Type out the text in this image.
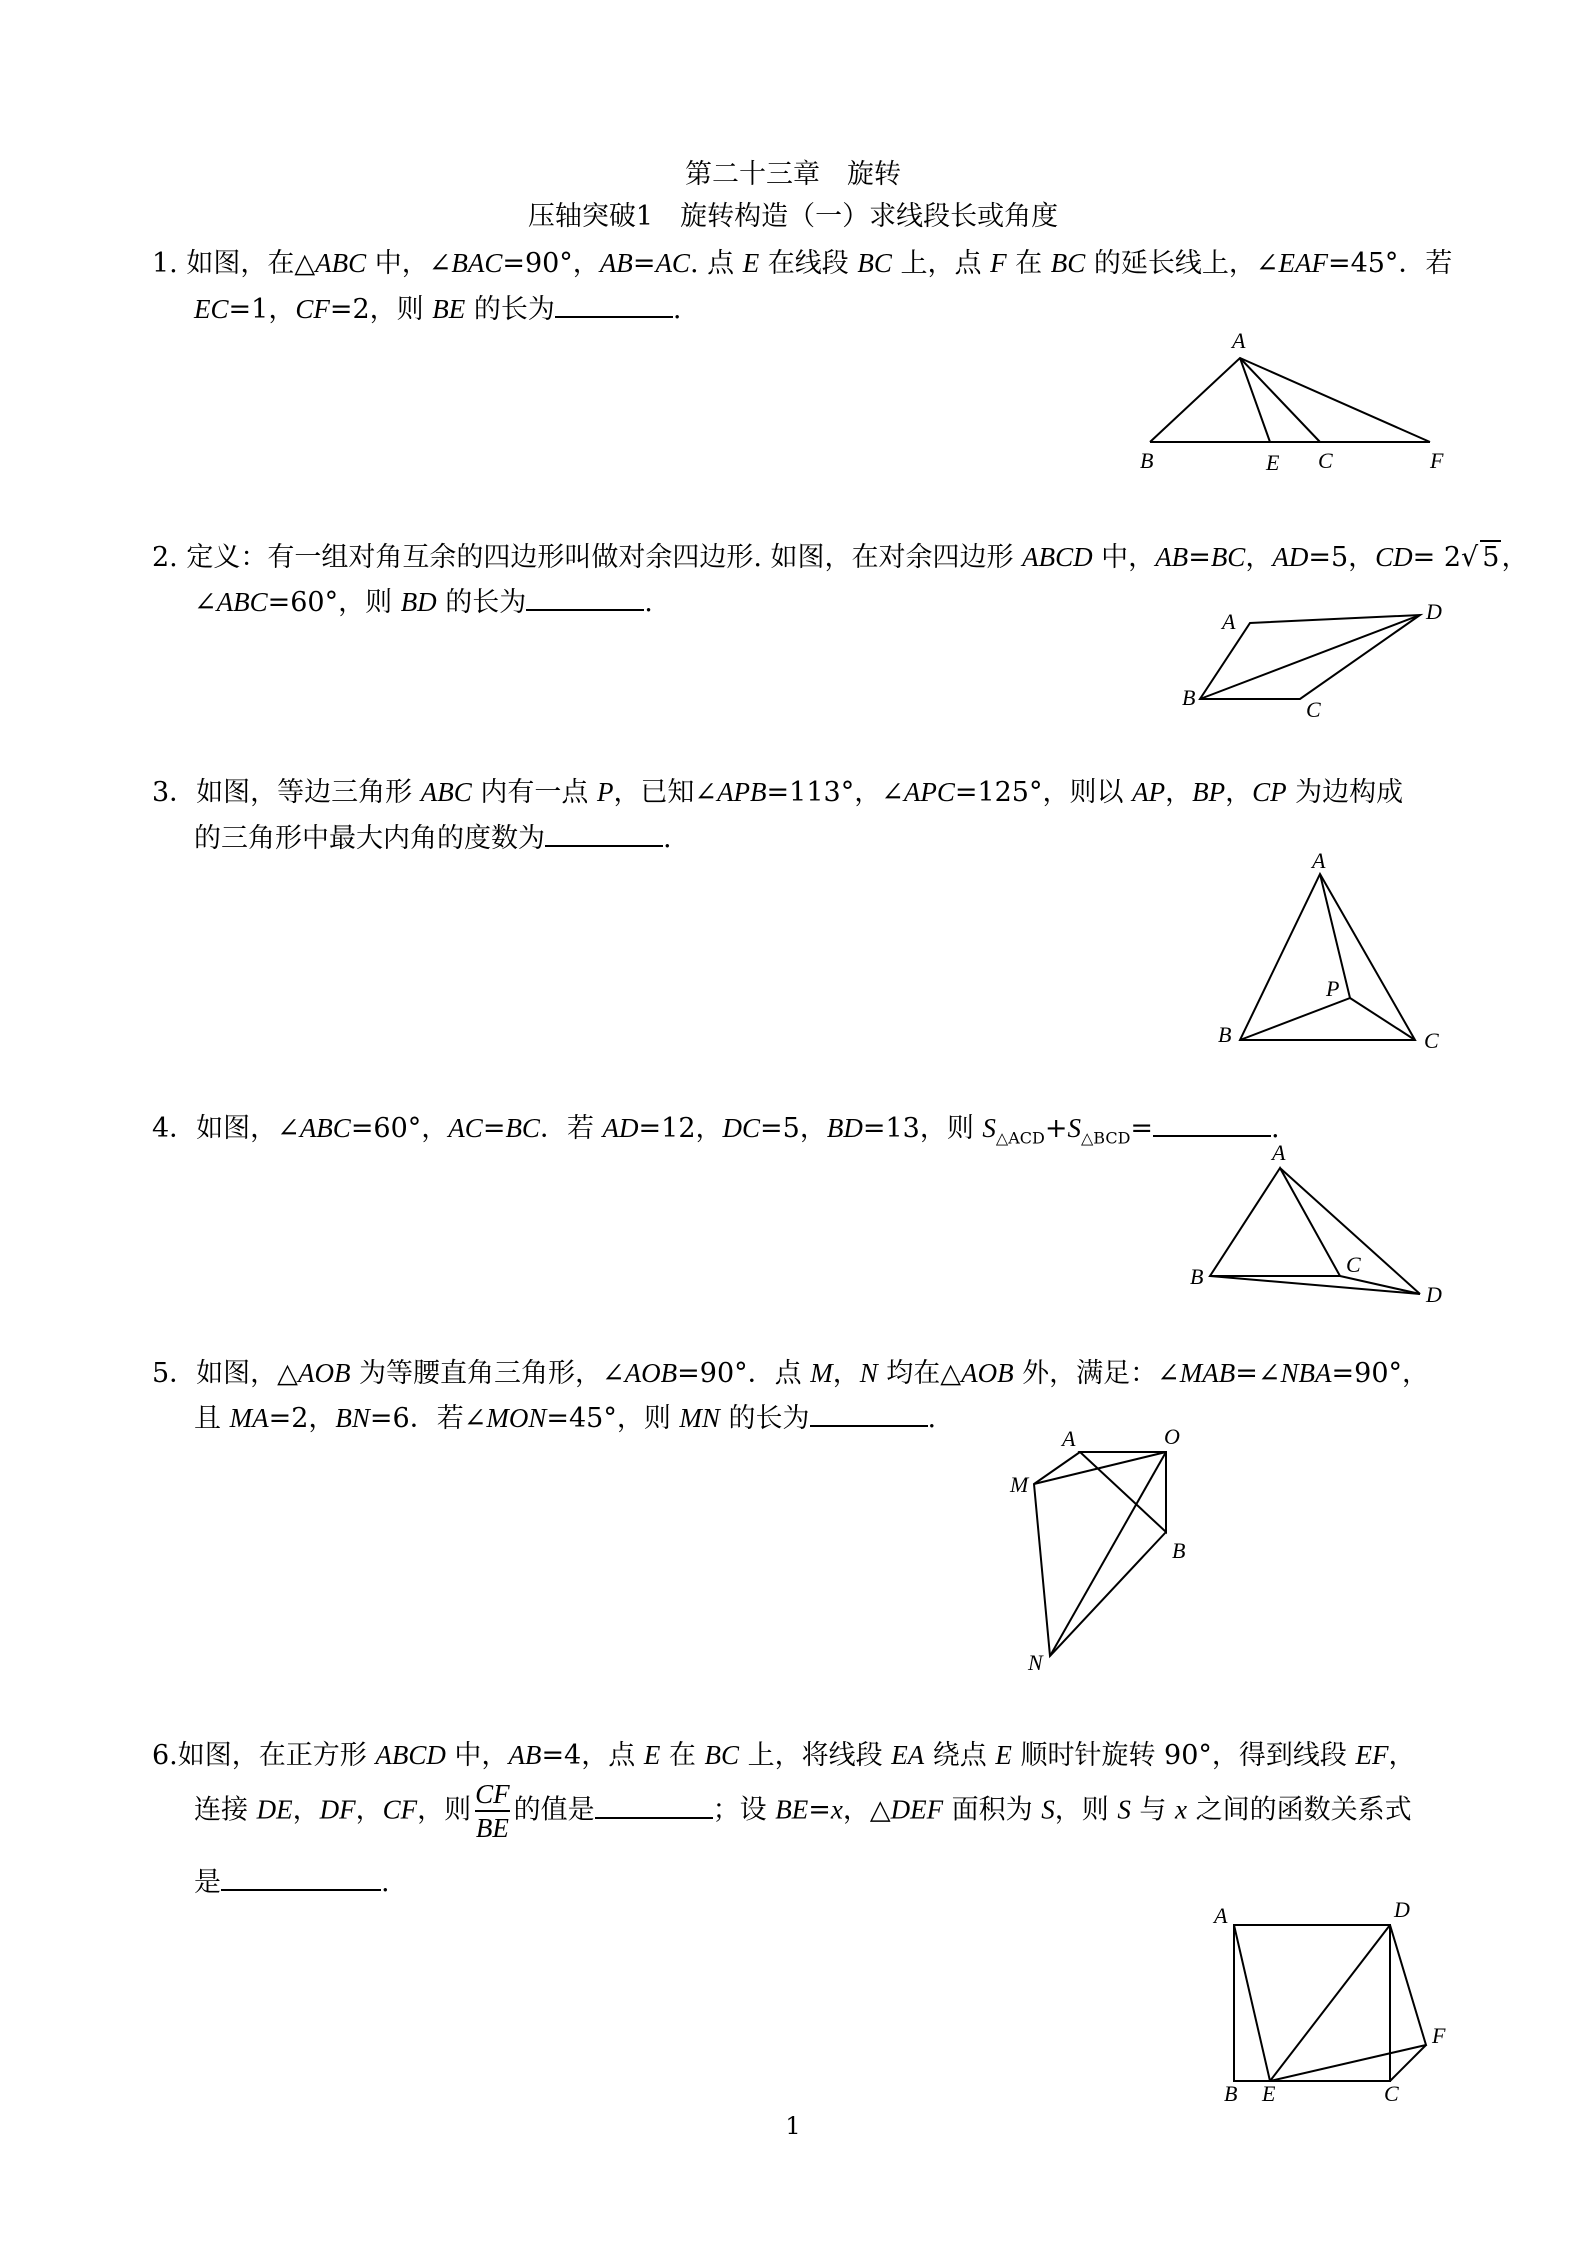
第二十三章　旋转
压轴突破1　旋转构造（一）求线段长或角度
1. 如图，在△ABC 中，∠BAC=90°，AB=AC. 点 E 在线段 BC 上，点 F 在 BC 的延长线上，∠EAF=45°．若
EC=1，CF=2，则 BE 的长为	.
A
B	E C	F
2. 定义：有一组对角互余的四边形叫做对余四边形. 如图，在对余四边形 ABCD 中，AB=BC，AD=5，CD= 2√ 5，
∠ABC=60°，则 BD 的长为	.
A	D
B	C
3．如图，等边三角形 ABC 内有一点 P，已知∠APB=113°，∠APC=125°，则以 AP，BP，CP 为边构成
的三角形中最大内角的度数为	.
A
P
B	C
4．如图，∠ABC=60°，AC=BC．若 AD=12，DC=5，BD=13，则 $S_{\triangle ACD}+S_{\triangle BCD}=$	.
A
B	C
D
5．如图，△AOB 为等腰直角三角形，∠AOB=90°．点 M，N 均在△AOB 外，满足：∠MAB=∠NBA=90°，
且 MA=2，BN=6．若∠MON=45°，则 MN 的长为	.
A	O
M
B
N
6.如图，在正方形 ABCD 中，AB=4，点 E 在 BC 上，将线段 EA 绕点 E 顺时针旋转 90°，得到线段 EF，
连接 DE，DF，CF，则 $\frac{CF}{BE}$ 的值是	；设 BE=x，△DEF 面积为 S，则 S 与 x 之间的函数关系式
是	.
A	D
F
B E	C
1
